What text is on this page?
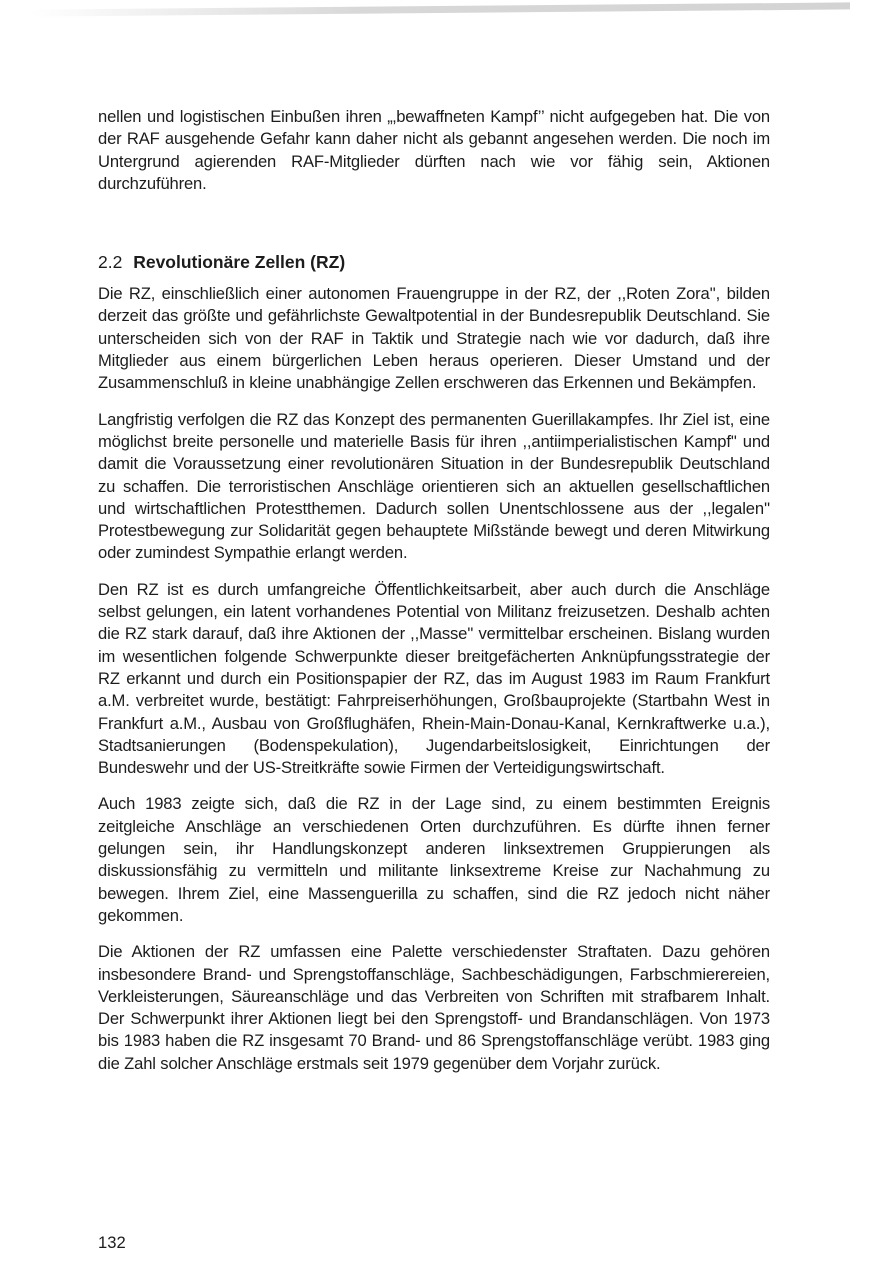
nellen und logistischen Einbußen ihren „‚bewaffneten Kampf’’ nicht aufgegeben hat. Die von der RAF ausgehende Gefahr kann daher nicht als gebannt angesehen werden. Die noch im Untergrund agierenden RAF-Mitglieder dürften nach wie vor fähig sein, Aktionen durchzuführen.

2.2 Revolutionäre Zellen (RZ)

Die RZ, einschließlich einer autonomen Frauengruppe in der RZ, der ,,Roten Zora'', bilden derzeit das größte und gefährlichste Gewaltpotential in der Bundesrepublik Deutschland. Sie unterscheiden sich von der RAF in Taktik und Strategie nach wie vor dadurch, daß ihre Mitglieder aus einem bürgerlichen Leben heraus operieren. Dieser Umstand und der Zusammenschluß in kleine unabhängige Zellen erschweren das Erkennen und Bekämpfen.

Langfristig verfolgen die RZ das Konzept des permanenten Guerillakampfes. Ihr Ziel ist, eine möglichst breite personelle und materielle Basis für ihren ,,antiimperialistischen Kampf'' und damit die Voraussetzung einer revolutionären Situation in der Bundesrepublik Deutschland zu schaffen. Die terroristischen Anschläge orientieren sich an aktuellen gesellschaftlichen und wirtschaftlichen Protestthemen. Dadurch sollen Unentschlossene aus der ,,legalen'' Protestbewegung zur Solidarität gegen behauptete Mißstände bewegt und deren Mitwirkung oder zumindest Sympathie erlangt werden.

Den RZ ist es durch umfangreiche Öffentlichkeitsarbeit, aber auch durch die Anschläge selbst gelungen, ein latent vorhandenes Potential von Militanz freizusetzen. Deshalb achten die RZ stark darauf, daß ihre Aktionen der ,,Masse'' vermittelbar erscheinen. Bislang wurden im wesentlichen folgende Schwerpunkte dieser breitgefächerten Anknüpfungsstrategie der RZ erkannt und durch ein Positionspapier der RZ, das im August 1983 im Raum Frankfurt a.M. verbreitet wurde, bestätigt: Fahrpreiserhöhungen, Großbauprojekte (Startbahn West in Frankfurt a.M., Ausbau von Großflughäfen, Rhein-Main-Donau-Kanal, Kernkraftwerke u.a.), Stadtsanierungen (Bodenspekulation), Jugendarbeitslosigkeit, Einrichtungen der Bundeswehr und der US-Streitkräfte sowie Firmen der Verteidigungswirtschaft.

Auch 1983 zeigte sich, daß die RZ in der Lage sind, zu einem bestimmten Ereignis zeitgleiche Anschläge an verschiedenen Orten durchzuführen. Es dürfte ihnen ferner gelungen sein, ihr Handlungskonzept anderen linksextremen Gruppierungen als diskussionsfähig zu vermitteln und militante linksextreme Kreise zur Nachahmung zu bewegen. Ihrem Ziel, eine Massenguerilla zu schaffen, sind die RZ jedoch nicht näher gekommen.

Die Aktionen der RZ umfassen eine Palette verschiedenster Straftaten. Dazu gehören insbesondere Brand- und Sprengstoffanschläge, Sachbeschädigungen, Farbschmierereien, Verkleisterungen, Säureanschläge und das Verbreiten von Schriften mit strafbarem Inhalt. Der Schwerpunkt ihrer Aktionen liegt bei den Sprengstoff- und Brandanschlägen. Von 1973 bis 1983 haben die RZ insgesamt 70 Brand- und 86 Sprengstoffanschläge verübt. 1983 ging die Zahl solcher Anschläge erstmals seit 1979 gegenüber dem Vorjahr zurück.

132
